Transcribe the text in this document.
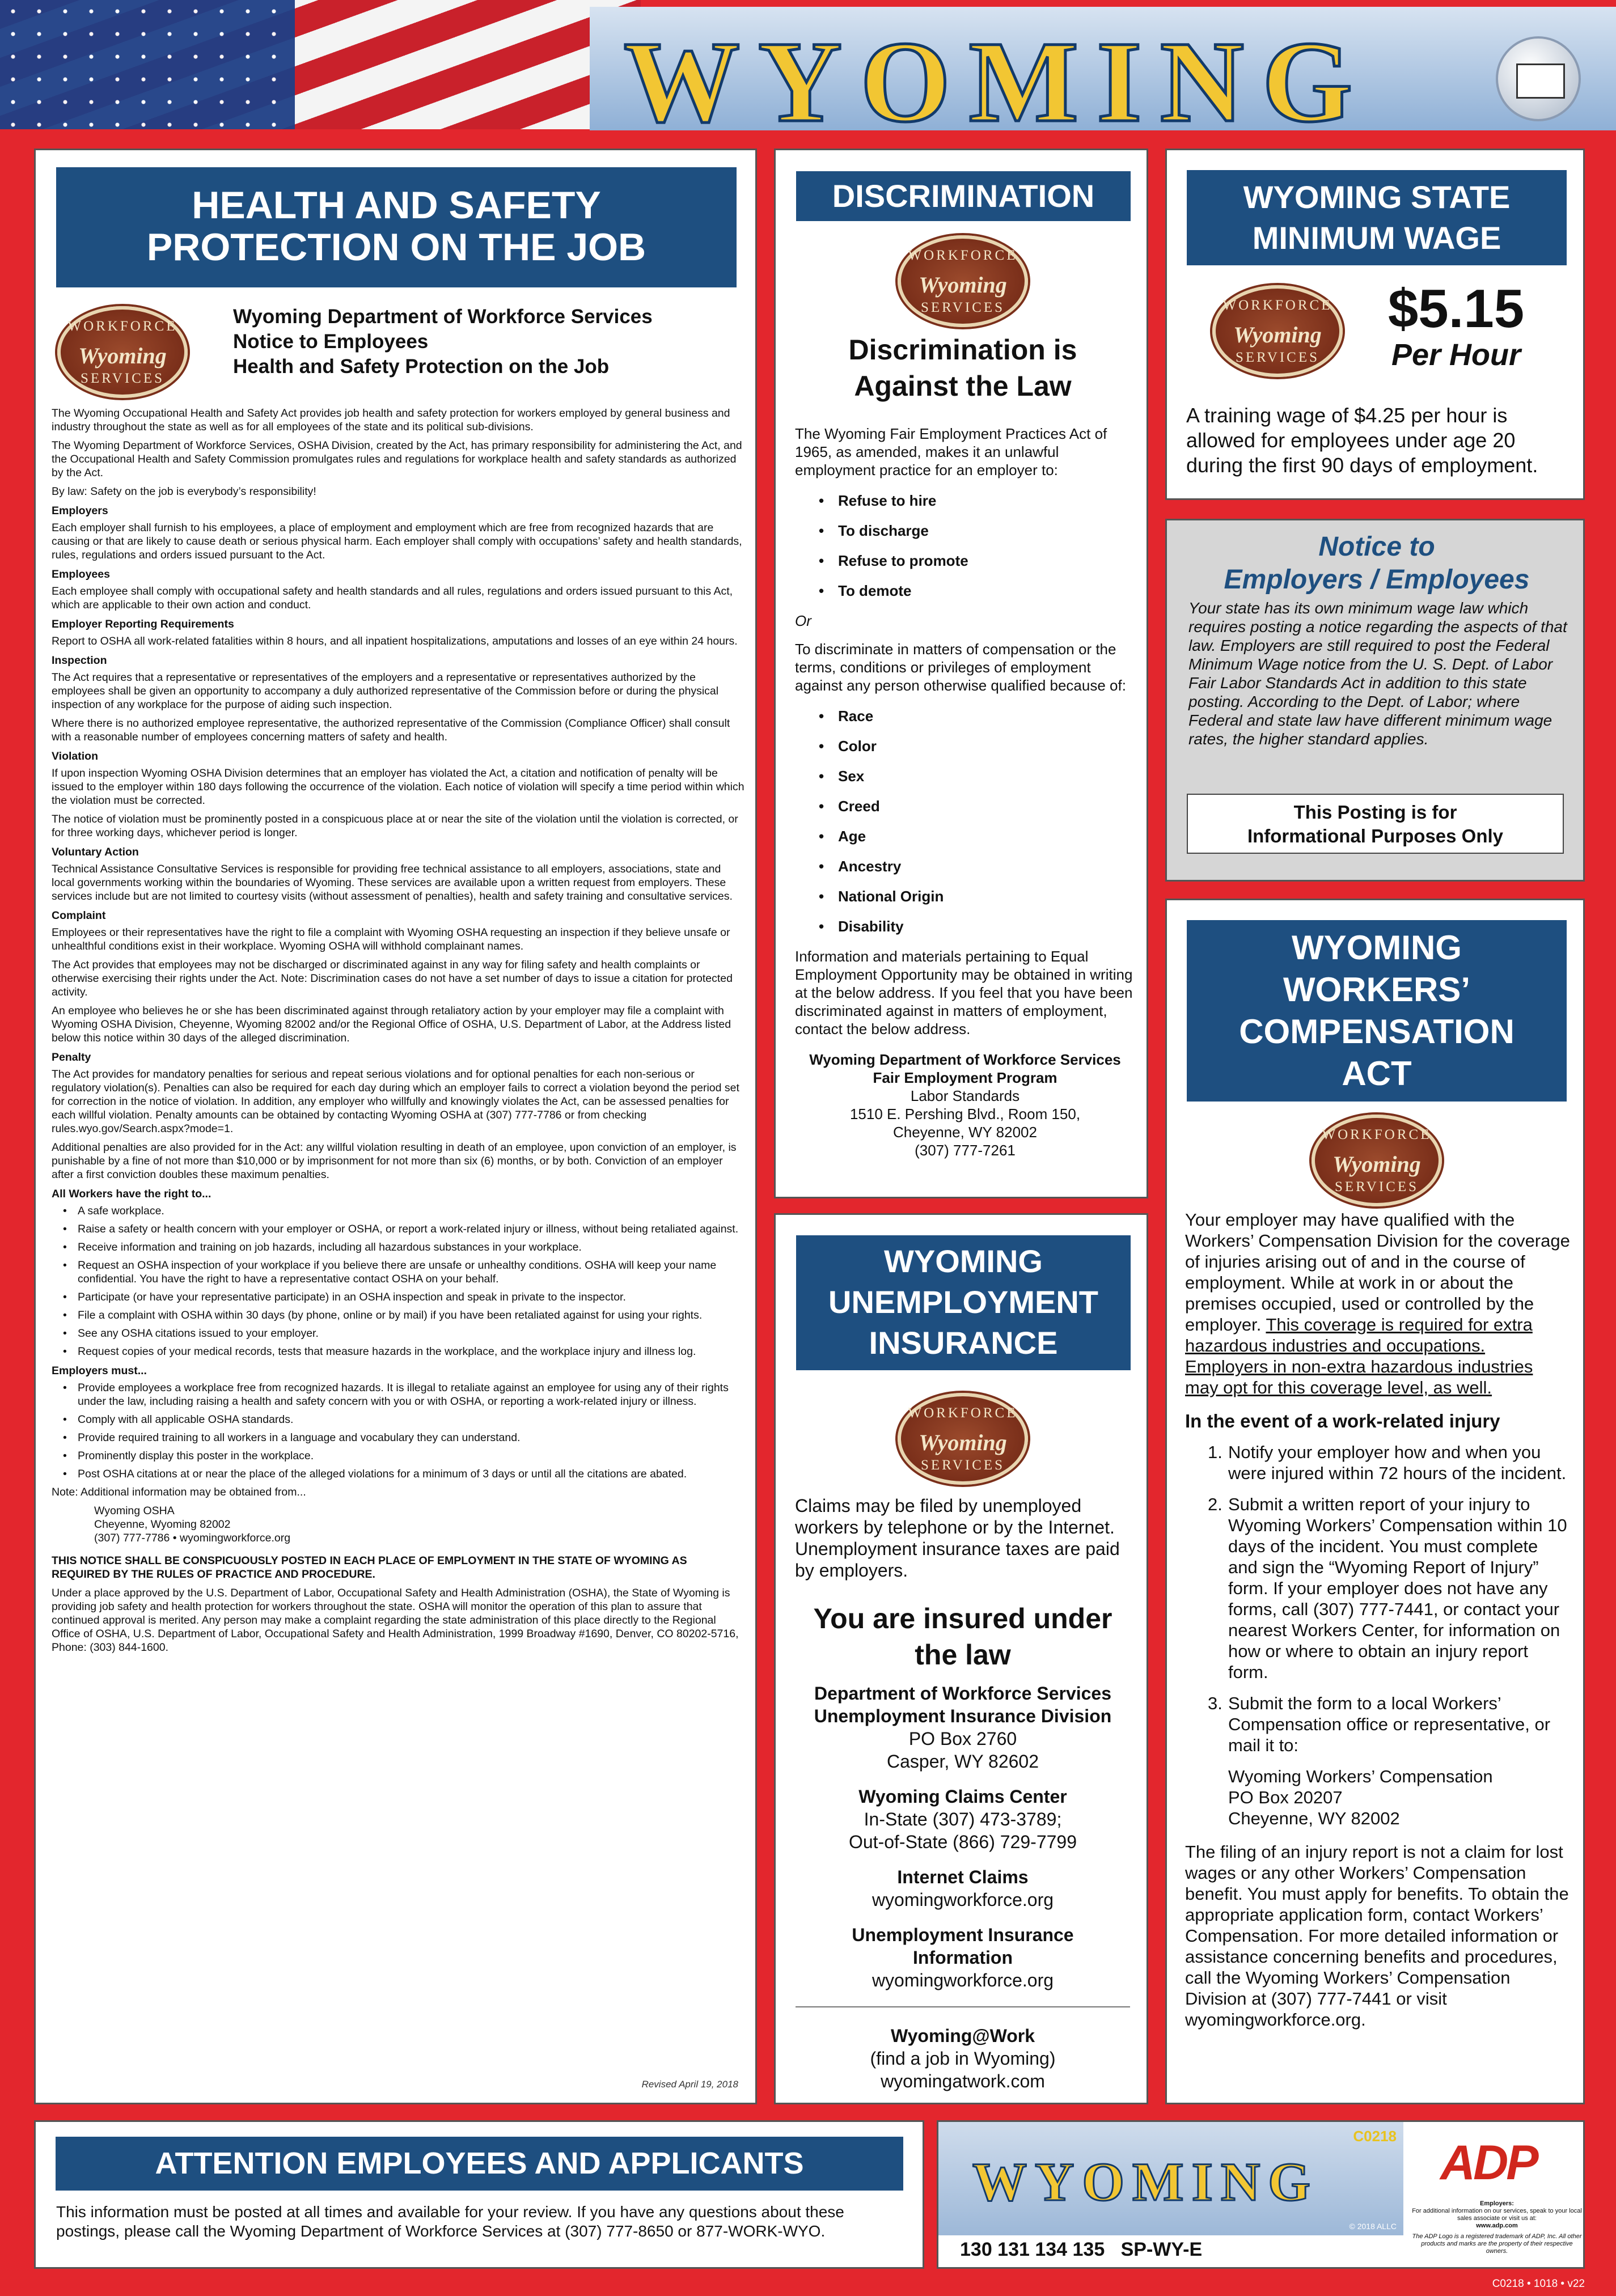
WYOMING
HEALTH AND SAFETY
PROTECTION ON THE JOB
WORKFORCE
Wyoming
SERVICES
Wyoming Department of Workforce Services
Notice to Employees
Health and Safety Protection on the Job

The Wyoming Occupational Health and Safety Act provides job health and safety protection for workers employed by general business and industry throughout the state as well as for all employees of the state and its political sub-divisions.

The Wyoming Department of Workforce Services, OSHA Division, created by the Act, has primary responsibility for administering the Act, and the Occupational Health and Safety Commission promulgates rules and regulations for workplace health and safety standards as authorized by the Act.

By law: Safety on the job is everybody’s responsibility!

Employers

Each employer shall furnish to his employees, a place of employment and employment which are free from recognized hazards that are causing or that are likely to cause death or serious physical harm. Each employer shall comply with occupations’ safety and health standards, rules, regulations and orders issued pursuant to the Act.

Employees

Each employee shall comply with occupational safety and health standards and all rules, regulations and orders issued pursuant to this Act, which are applicable to their own action and conduct.

Employer Reporting Requirements

Report to OSHA all work-related fatalities within 8 hours, and all inpatient hospitalizations, amputations and losses of an eye within 24 hours.

Inspection

The Act requires that a representative or representatives of the employers and a representative or representatives authorized by the employees shall be given an opportunity to accompany a duly authorized representative of the Commission before or during the physical inspection of any workplace for the purpose of aiding such inspection.

Where there is no authorized employee representative, the authorized representative of the Commission (Compliance Officer) shall consult with a reasonable number of employees concerning matters of safety and health.

Violation

If upon inspection Wyoming OSHA Division determines that an employer has violated the Act, a citation and notification of penalty will be issued to the employer within 180 days following the occurrence of the violation. Each notice of violation will specify a time period within which the violation must be corrected.

The notice of violation must be prominently posted in a conspicuous place at or near the site of the violation until the violation is corrected, or for three working days, whichever period is longer.

Voluntary Action

Technical Assistance Consultative Services is responsible for providing free technical assistance to all employers, associations, state and local governments working within the boundaries of Wyoming. These services are available upon a written request from employers. These services include but are not limited to courtesy visits (without assessment of penalties), health and safety training and consultative services.

Complaint

Employees or their representatives have the right to file a complaint with Wyoming OSHA requesting an inspection if they believe unsafe or unhealthful conditions exist in their workplace. Wyoming OSHA will withhold complainant names.

The Act provides that employees may not be discharged or discriminated against in any way for filing safety and health complaints or otherwise exercising their rights under the Act. Note: Discrimination cases do not have a set number of days to issue a citation for protected activity.

An employee who believes he or she has been discriminated against through retaliatory action by your employer may file a complaint with Wyoming OSHA Division, Cheyenne, Wyoming 82002 and/or the Regional Office of OSHA, U.S. Department of Labor, at the Address listed below this notice within 30 days of the alleged discrimination.

Penalty

The Act provides for mandatory penalties for serious and repeat serious violations and for optional penalties for each non-serious or regulatory violation(s). Penalties can also be required for each day during which an employer fails to correct a violation beyond the period set for correction in the notice of violation. In addition, any employer who willfully and knowingly violates the Act, can be assessed penalties for each willful violation. Penalty amounts can be obtained by contacting Wyoming OSHA at (307) 777-7786 or from checking rules.wyo.gov/Search.aspx?mode=1.

Additional penalties are also provided for in the Act: any willful violation resulting in death of an employee, upon conviction of an employer, is punishable by a fine of not more than $10,000 or by imprisonment for not more than six (6) months, or by both. Conviction of an employer after a first conviction doubles these maximum penalties.

All Workers have the right to...
• A safe workplace.
• Raise a safety or health concern with your employer or OSHA, or report a work-related injury or illness, without being retaliated against.
• Receive information and training on job hazards, including all hazardous substances in your workplace.
• Request an OSHA inspection of your workplace if you believe there are unsafe or unhealthy conditions. OSHA will keep your name confidential. You have the right to have a representative contact OSHA on your behalf.
• Participate (or have your representative participate) in an OSHA inspection and speak in private to the inspector.
• File a complaint with OSHA within 30 days (by phone, online or by mail) if you have been retaliated against for using your rights.
• See any OSHA citations issued to your employer.
• Request copies of your medical records, tests that measure hazards in the workplace, and the workplace injury and illness log.
Employers must...
• Provide employees a workplace free from recognized hazards. It is illegal to retaliate against an employee for using any of their rights under the law, including raising a health and safety concern with you or with OSHA, or reporting a work-related injury or illness.
• Comply with all applicable OSHA standards.
• Provide required training to all workers in a language and vocabulary they can understand.
• Prominently display this poster in the workplace.
• Post OSHA citations at or near the place of the alleged violations for a minimum of 3 days or until all the citations are abated.

Note: Additional information may be obtained from...

Wyoming OSHA
Cheyenne, Wyoming 82002
(307) 777-7786 • wyomingworkforce.org

THIS NOTICE SHALL BE CONSPICUOUSLY POSTED IN EACH PLACE OF EMPLOYMENT IN THE STATE OF WYOMING AS REQUIRED BY THE RULES OF PRACTICE AND PROCEDURE.

Under a place approved by the U.S. Department of Labor, Occupational Safety and Health Administration (OSHA), the State of Wyoming is providing job safety and health protection for workers throughout the state. OSHA will monitor the operation of this plan to assure that continued approval is merited. Any person may make a complaint regarding the state administration of this place directly to the Regional Office of OSHA, U.S. Department of Labor, Occupational Safety and Health Administration, 1999 Broadway #1690, Denver, CO 80202-5716, Phone: (303) 844-1600.

Revised April 19, 2018
DISCRIMINATION
WORKFORCE
Wyoming
SERVICES
Discrimination is
Against the Law

The Wyoming Fair Employment Practices Act of 1965, as amended, makes it an unlawful employment practice for an employer to:

• Refuse to hire
• To discharge
• Refuse to promote
• To demote

Or

To discriminate in matters of compensation or the terms, conditions or privileges of employment against any person otherwise qualified because of:

• Race
• Color
• Sex
• Creed
• Age
• Ancestry
• National Origin
• Disability

Information and materials pertaining to Equal Employment Opportunity may be obtained in writing at the below address. If you feel that you have been discriminated against in matters of employment, contact the below address.

Wyoming Department of Workforce Services
Fair Employment Program
Labor Standards
1510 E. Pershing Blvd., Room 150,
Cheyenne, WY 82002
(307) 777-7261
WYOMING
UNEMPLOYMENT
INSURANCE
WORKFORCE
Wyoming
SERVICES

Claims may be filed by unemployed workers by telephone or by the Internet. Unemployment insurance taxes are paid by employers.

You are insured under
the law
Department of Workforce Services
Unemployment Insurance Division
PO Box 2760
Casper, WY 82602
Wyoming Claims Center
In-State (307) 473-3789;
Out-of-State (866) 729-7799
Internet Claims
wyomingworkforce.org
Unemployment Insurance
Information
wyomingworkforce.org
Wyoming@Work
(find a job in Wyoming)
wyomingatwork.com
WYOMING STATE
MINIMUM WAGE
WORKFORCE
Wyoming
SERVICES
$5.15
Per Hour

A training wage of $4.25 per hour is allowed for employees under age 20 during the first 90 days of employment.

Notice to
Employers / Employees

Your state has its own minimum wage law which requires posting a notice regarding the aspects of that law. Employers are still required to post the Federal Minimum Wage notice from the U. S. Dept. of Labor Fair Labor Standards Act in addition to this state posting. According to the Dept. of Labor; where Federal and state law have different minimum wage rates, the higher standard applies.

This Posting is for
Informational Purposes Only
WYOMING
WORKERS’
COMPENSATION
ACT
WORKFORCE
Wyoming
SERVICES

Your employer may have qualified with the Workers’ Compensation Division for the coverage of injuries arising out of and in the course of employment. While at work in or about the premises occupied, used or controlled by the employer. This coverage is required for extra hazardous industries and occupations. Employers in non-extra hazardous industries may opt for this coverage level, as well.

In the event of a work-related injury

1. Notify your employer how and when you were injured within 72 hours of the incident.
2. Submit a written report of your injury to Wyoming Workers’ Compensation within 10 days of the incident. You must complete and sign the “Wyoming Report of Injury” form. If your employer does not have any forms, call (307) 777-7441, or contact your nearest Workers Center, for information on how or where to obtain an injury report form.
3. Submit the form to a local Workers’ Compensation office or representative, or mail it to:
Wyoming Workers’ Compensation
PO Box 20207
Cheyenne, WY 82002

The filing of an injury report is not a claim for lost wages or any other Workers’ Compensation benefit. You must apply for benefits. To obtain the appropriate application form, contact Workers’ Compensation. For more detailed information or assistance concerning benefits and procedures, call the Wyoming Workers’ Compensation Division at (307) 777-7441 or visit wyomingworkforce.org.

ATTENTION EMPLOYEES AND APPLICANTS

This information must be posted at all times and available for your review. If you have any questions about these postings, please call the Wyoming Department of Workforce Services at (307) 777-8650 or 877-WORK-WYO.

C0218
WYOMING
© 2018 ALLC
130 131 134 135   SP-WY-E
ADP
Employers:
For additional information on our services, speak to your local sales associate or visit us at:
www.adp.com
The ADP Logo is a registered trademark of ADP, Inc. All other products and marks are the property of their respective owners.
C0218 • 1018 • v22
